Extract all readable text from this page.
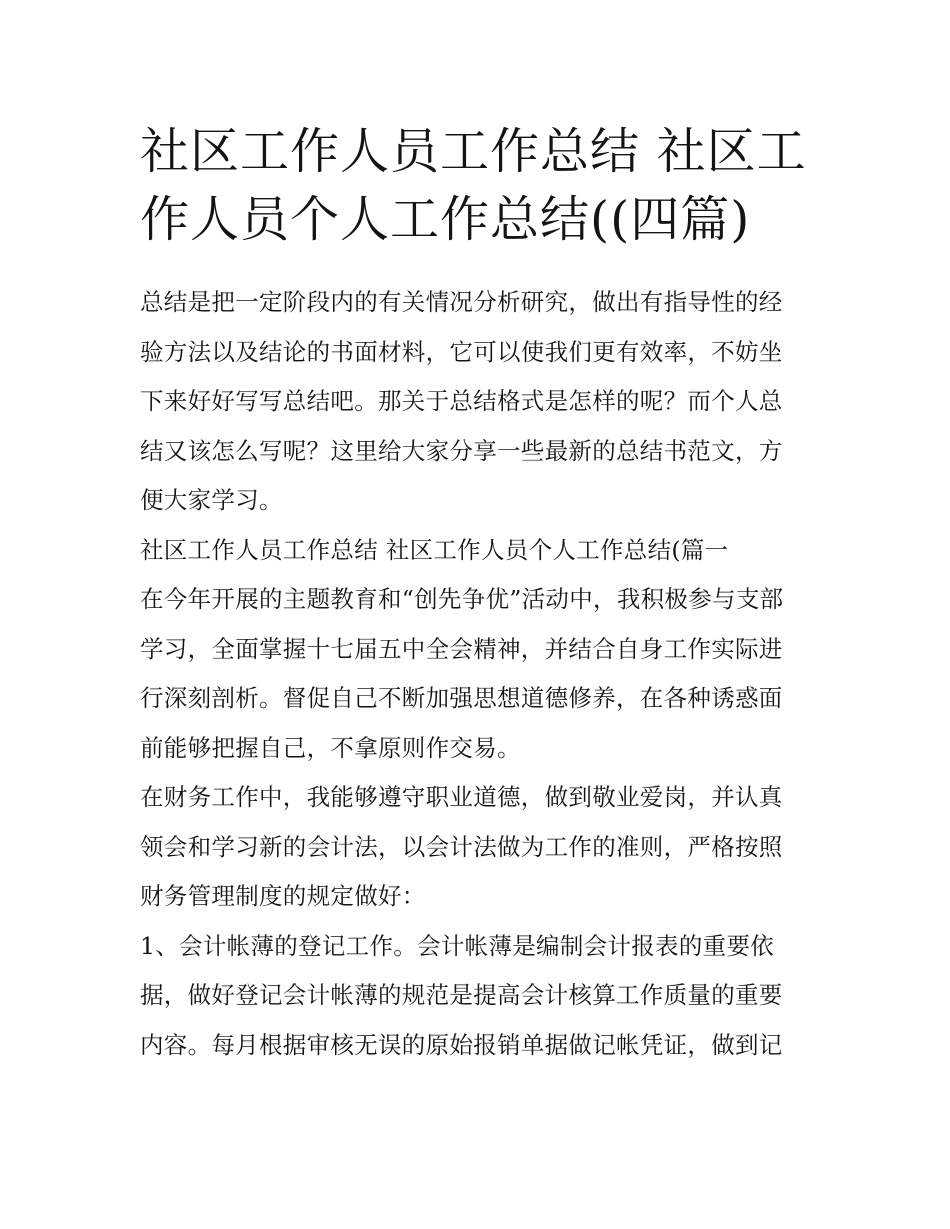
社区工作人员工作总结 社区工
作人员个人工作总结((四篇)

总结是把一定阶段内的有关情况分析研究，做出有指导性的经
验方法以及结论的书面材料，它可以使我们更有效率，不妨坐
下来好好写写总结吧。那关于总结格式是怎样的呢？而个人总
结又该怎么写呢？这里给大家分享一些最新的总结书范文，方
便大家学习。

社区工作人员工作总结 社区工作人员个人工作总结(篇一

在今年开展的主题教育和“创先争优”活动中，我积极参与支部
学习，全面掌握十七届五中全会精神，并结合自身工作实际进
行深刻剖析。督促自己不断加强思想道德修养，在各种诱惑面
前能够把握自己，不拿原则作交易。

在财务工作中，我能够遵守职业道德，做到敬业爱岗，并认真
领会和学习新的会计法，以会计法做为工作的准则，严格按照
财务管理制度的规定做好：

1、会计帐薄的登记工作。会计帐薄是编制会计报表的重要依
据，做好登记会计帐薄的规范是提高会计核算工作质量的重要
内容。每月根据审核无误的原始报销单据做记帐凭证，做到记
